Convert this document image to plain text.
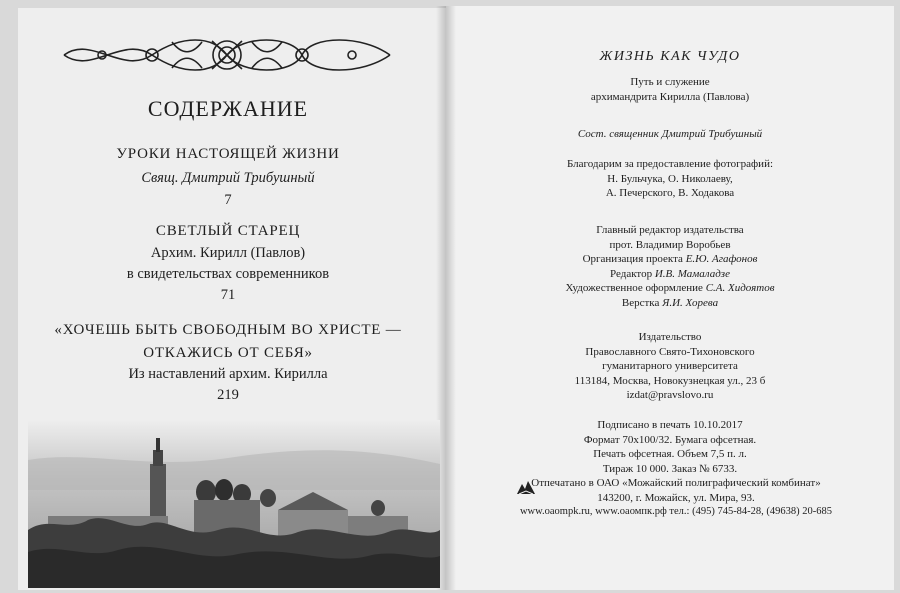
СОДЕРЖАНИЕ
УРОКИ НАСТОЯЩЕЙ ЖИЗНИ
Свящ. Дмитрий Трибушный
7
СВЕТЛЫЙ СТАРЕЦ
Архим. Кирилл (Павлов)
в свидетельствах современников
71
«ХОЧЕШЬ БЫТЬ СВОБОДНЫМ ВО ХРИСТЕ —
ОТКАЖИСЬ ОТ СЕБЯ»
Из наставлений архим. Кирилла
219
ЖИЗНЬ КАК ЧУДО
Путь и служение
архимандрита Кирилла (Павлова)
Сост. священник Дмитрий Трибушный
Благодарим за предоставление фотографий:
Н. Бульчука, О. Николаеву,
А. Печерского, В. Ходакова
Главный редактор издательства
прот. Владимир Воробьев
Организация проекта Е.Ю. Агафонов
Редактор И.В. Мамаладзе
Художественное оформление С.А. Хидоятов
Верстка Я.И. Хорева
Издательство
Православного Свято-Тихоновского
гуманитарного университета
113184, Москва, Новокузнецкая ул., 23 б
izdat@pravslovo.ru
Подписано в печать 10.10.2017
Формат 70х100/32. Бумага офсетная.
Печать офсетная. Объем 7,5 п. л.
Тираж 10 000. Заказ № 6733.
Отпечатано в ОАО «Можайский полиграфический комбинат»
143200, г. Можайск, ул. Мира, 93.
www.oaompk.ru, www.оаомпк.рф тел.: (495) 745-84-28, (49638) 20-685
